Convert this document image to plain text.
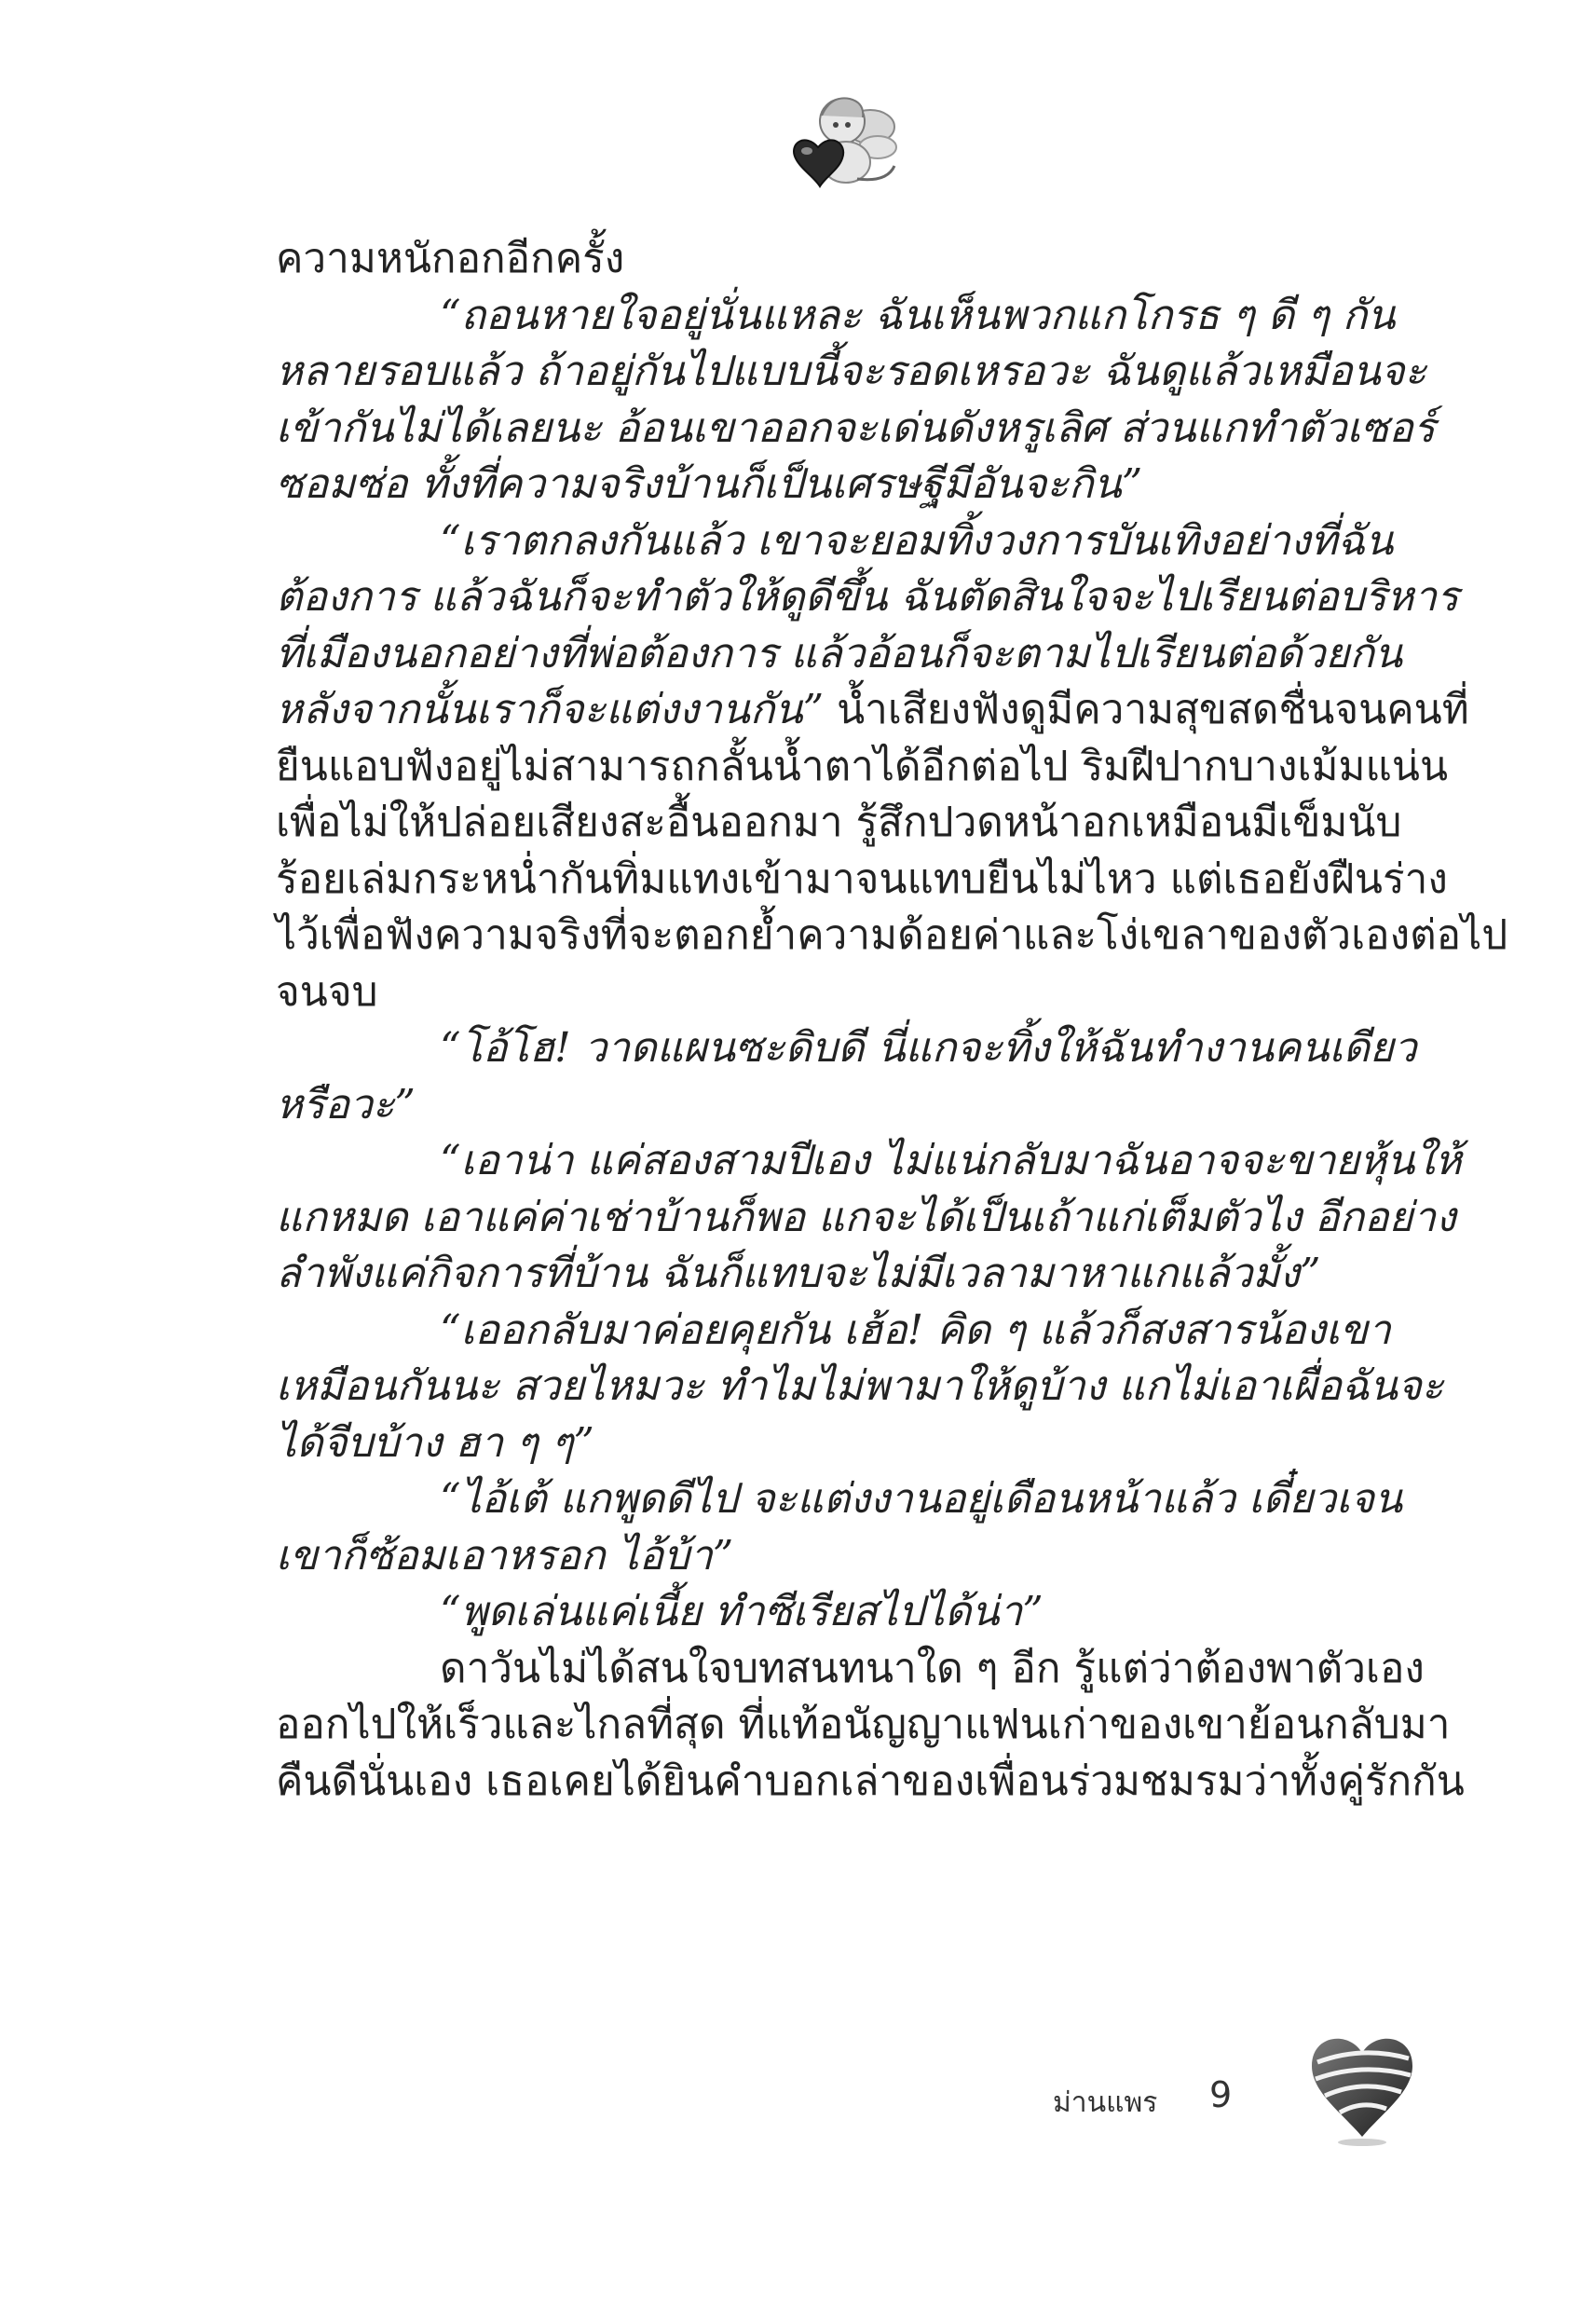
ความหนักอกอีกครั้ง
“ถอนหายใจอยู่นั่นแหละ ฉันเห็นพวกแกโกรธ ๆ ดี ๆ กัน
หลายรอบแล้ว ถ้าอยู่กันไปแบบนี้จะรอดเหรอวะ ฉันดูแล้วเหมือนจะ
เข้ากันไม่ได้เลยนะ อ้อนเขาออกจะเด่นดังหรูเลิศ ส่วนแกทำตัวเซอร์
ซอมซ่อ ทั้งที่ความจริงบ้านก็เป็นเศรษฐีมีอันจะกิน”
“เราตกลงกันแล้ว เขาจะยอมทิ้งวงการบันเทิงอย่างที่ฉัน
ต้องการ แล้วฉันก็จะทำตัวให้ดูดีขึ้น ฉันตัดสินใจจะไปเรียนต่อบริหาร
ที่เมืองนอกอย่างที่พ่อต้องการ แล้วอ้อนก็จะตามไปเรียนต่อด้วยกัน
หลังจากนั้นเราก็จะแต่งงานกัน” น้ำเสียงฟังดูมีความสุขสดชื่นจนคนที่
ยืนแอบฟังอยู่ไม่สามารถกลั้นน้ำตาได้อีกต่อไป ริมฝีปากบางเม้มแน่น
เพื่อไม่ให้ปล่อยเสียงสะอื้นออกมา รู้สึกปวดหน้าอกเหมือนมีเข็มนับ
ร้อยเล่มกระหน่ำกันทิ่มแทงเข้ามาจนแทบยืนไม่ไหว แต่เธอยังฝืนร่าง
ไว้เพื่อฟังความจริงที่จะตอกย้ำความด้อยค่าและโง่เขลาของตัวเองต่อไป
จนจบ
“โอ้โฮ! วาดแผนซะดิบดี นี่แกจะทิ้งให้ฉันทำงานคนเดียว
หรือวะ”
“เอาน่า แค่สองสามปีเอง ไม่แน่กลับมาฉันอาจจะขายหุ้นให้
แกหมด เอาแค่ค่าเช่าบ้านก็พอ แกจะได้เป็นเถ้าแก่เต็มตัวไง อีกอย่าง
ลำพังแค่กิจการที่บ้าน ฉันก็แทบจะไม่มีเวลามาหาแกแล้วมั้ง”
“เออกลับมาค่อยคุยกัน เฮ้อ! คิด ๆ แล้วก็สงสารน้องเขา
เหมือนกันนะ สวยไหมวะ ทำไมไม่พามาให้ดูบ้าง แกไม่เอาเผื่อฉันจะ
ได้จีบบ้าง ฮา ๆ ๆ”
“ไอ้เต้ แกพูดดีไป จะแต่งงานอยู่เดือนหน้าแล้ว เดี๋ยวเจน
เขาก็ซ้อมเอาหรอก ไอ้บ้า”
“พูดเล่นแค่เนี้ย ทำซีเรียสไปได้น่า”
ดาวันไม่ได้สนใจบทสนทนาใด ๆ อีก รู้แต่ว่าต้องพาตัวเอง
ออกไปให้เร็วและไกลที่สุด ที่แท้อนัญญาแฟนเก่าของเขาย้อนกลับมา
คืนดีนั่นเอง เธอเคยได้ยินคำบอกเล่าของเพื่อนร่วมชมรมว่าทั้งคู่รักกัน
ม่านแพร 9
